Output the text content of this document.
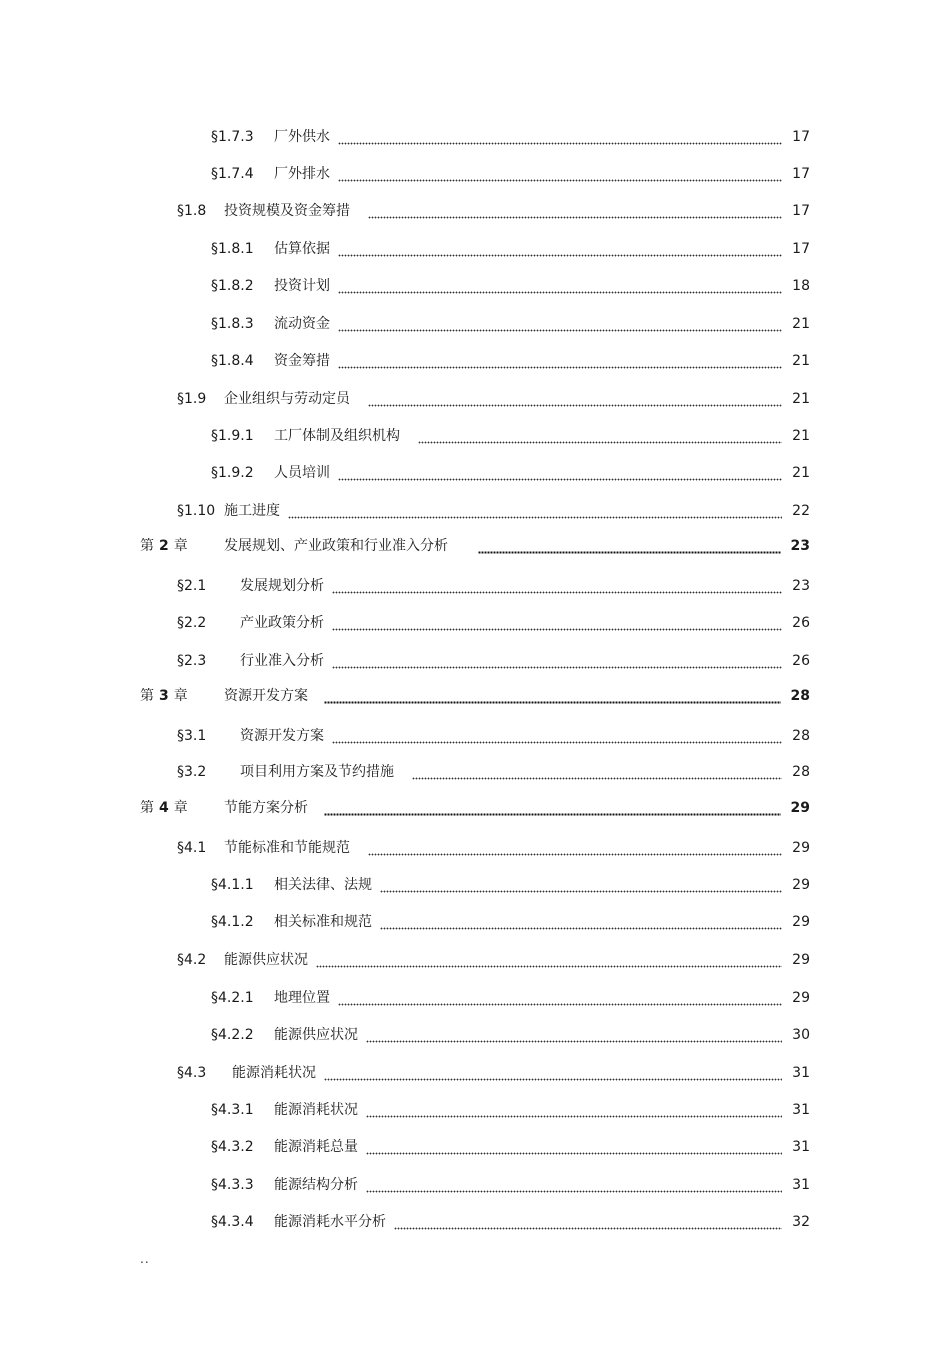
§1.7.3	厂外供水	17
§1.7.4	厂外排水	17
§1.8	投资规模及资金筹措	17
§1.8.1	估算依据	17
§1.8.2	投资计划	18
§1.8.3	流动资金	21
§1.8.4	资金筹措	21
§1.9	企业组织与劳动定员	21
§1.9.1	工厂体制及组织机构	21
§1.9.2	人员培训	21
§1.10 施工进度	22
第 2 章	发展规划、产业政策和行业准入分析	23
§2.1	发展规划分析	23
§2.2	产业政策分析	26
§2.3	行业准入分析	26
第 3 章	资源开发方案	28
§3.1	资源开发方案	28
§3.2	项目利用方案及节约措施	28
第 4 章	节能方案分析	29
§4.1	节能标准和节能规范	29
§4.1.1	相关法律、法规	29
§4.1.2	相关标准和规范	29
§4.2	能源供应状况	29
§4.2.1	地理位置	29
§4.2.2	能源供应状况	30
§4.3	能源消耗状况	31
§4.3.1	能源消耗状况	31
§4.3.2	能源消耗总量	31
§4.3.3	能源结构分析	31
§4.3.4	能源消耗水平分析	32
..
